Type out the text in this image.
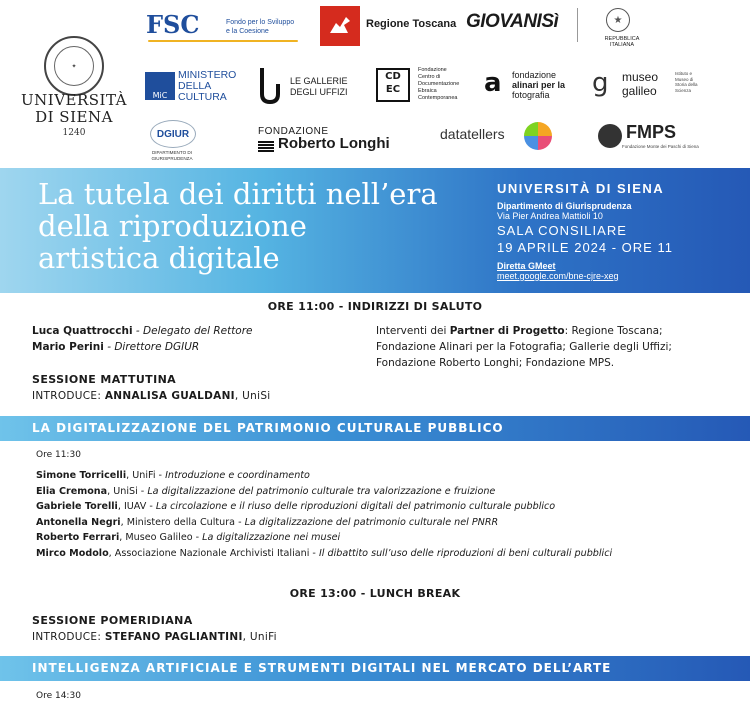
✦
UNIVERSITÀ
DI SIENA
1240
FSC	Fondo per lo Sviluppo
e la Coesione
Regione Toscana GIOVANISì	★
REPUBBLICA ITALIANA
MiC
MINISTERO
DELLA
CULTURA
LE GALLERIE
DEGLI UFFIZI
CD
EC
Fondazione
Centro di
Documentazione
Ebraica
Contemporanea a	fondazione
alinari per la
fotografia	g museo
galileo
Istituto e Museo di Storia della Scienza
DGIUR
DIPARTIMENTO DI
GIURISPRUDENZA
FONDAZIONE
Roberto Longhi
datatellers	FMPS
Fondazione Monte dei Paschi di Siena
La tutela dei diritti nell’era
della riproduzione
artistica digitale
UNIVERSITÀ DI SIENA
Dipartimento di Giurisprudenza
Via Pier Andrea Mattioli 10
SALA CONSILIARE
19 APRILE 2024 - ORE 11
Diretta GMeet
meet.google.com/bne-cjre-xeg
ORE 11:00 - INDIRIZZI DI SALUTO
Luca Quattrocchi - Delegato del Rettore
Mario Perini - Direttore DGIUR
Interventi dei Partner di Progetto: Regione Toscana;
Fondazione Alinari per la Fotografia; Gallerie degli Uffizi;
Fondazione Roberto Longhi; Fondazione MPS.
SESSIONE MATTUTINA
INTRODUCE: ANNALISA GUALDANI, UniSi
LA DIGITALIZZAZIONE DEL PATRIMONIO CULTURALE PUBBLICO
Ore 11:30
Simone Torricelli, UniFi - Introduzione e coordinamento
Elia Cremona, UniSi - La digitalizzazione del patrimonio culturale tra valorizzazione e fruizione
Gabriele Torelli, IUAV - La circolazione e il riuso delle riproduzioni digitali del patrimonio culturale pubblico
Antonella Negri, Ministero della Cultura - La digitalizzazione del patrimonio culturale nel PNRR
Roberto Ferrari, Museo Galileo - La digitalizzazione nei musei
Mirco Modolo, Associazione Nazionale Archivisti Italiani - Il dibattito sull’uso delle riproduzioni di beni culturali pubblici
ORE 13:00 - LUNCH BREAK
SESSIONE POMERIDIANA
INTRODUCE: STEFANO PAGLIANTINI, UniFi
INTELLIGENZA ARTIFICIALE E STRUMENTI DIGITALI NEL MERCATO DELL’ARTE
Ore 14:30
